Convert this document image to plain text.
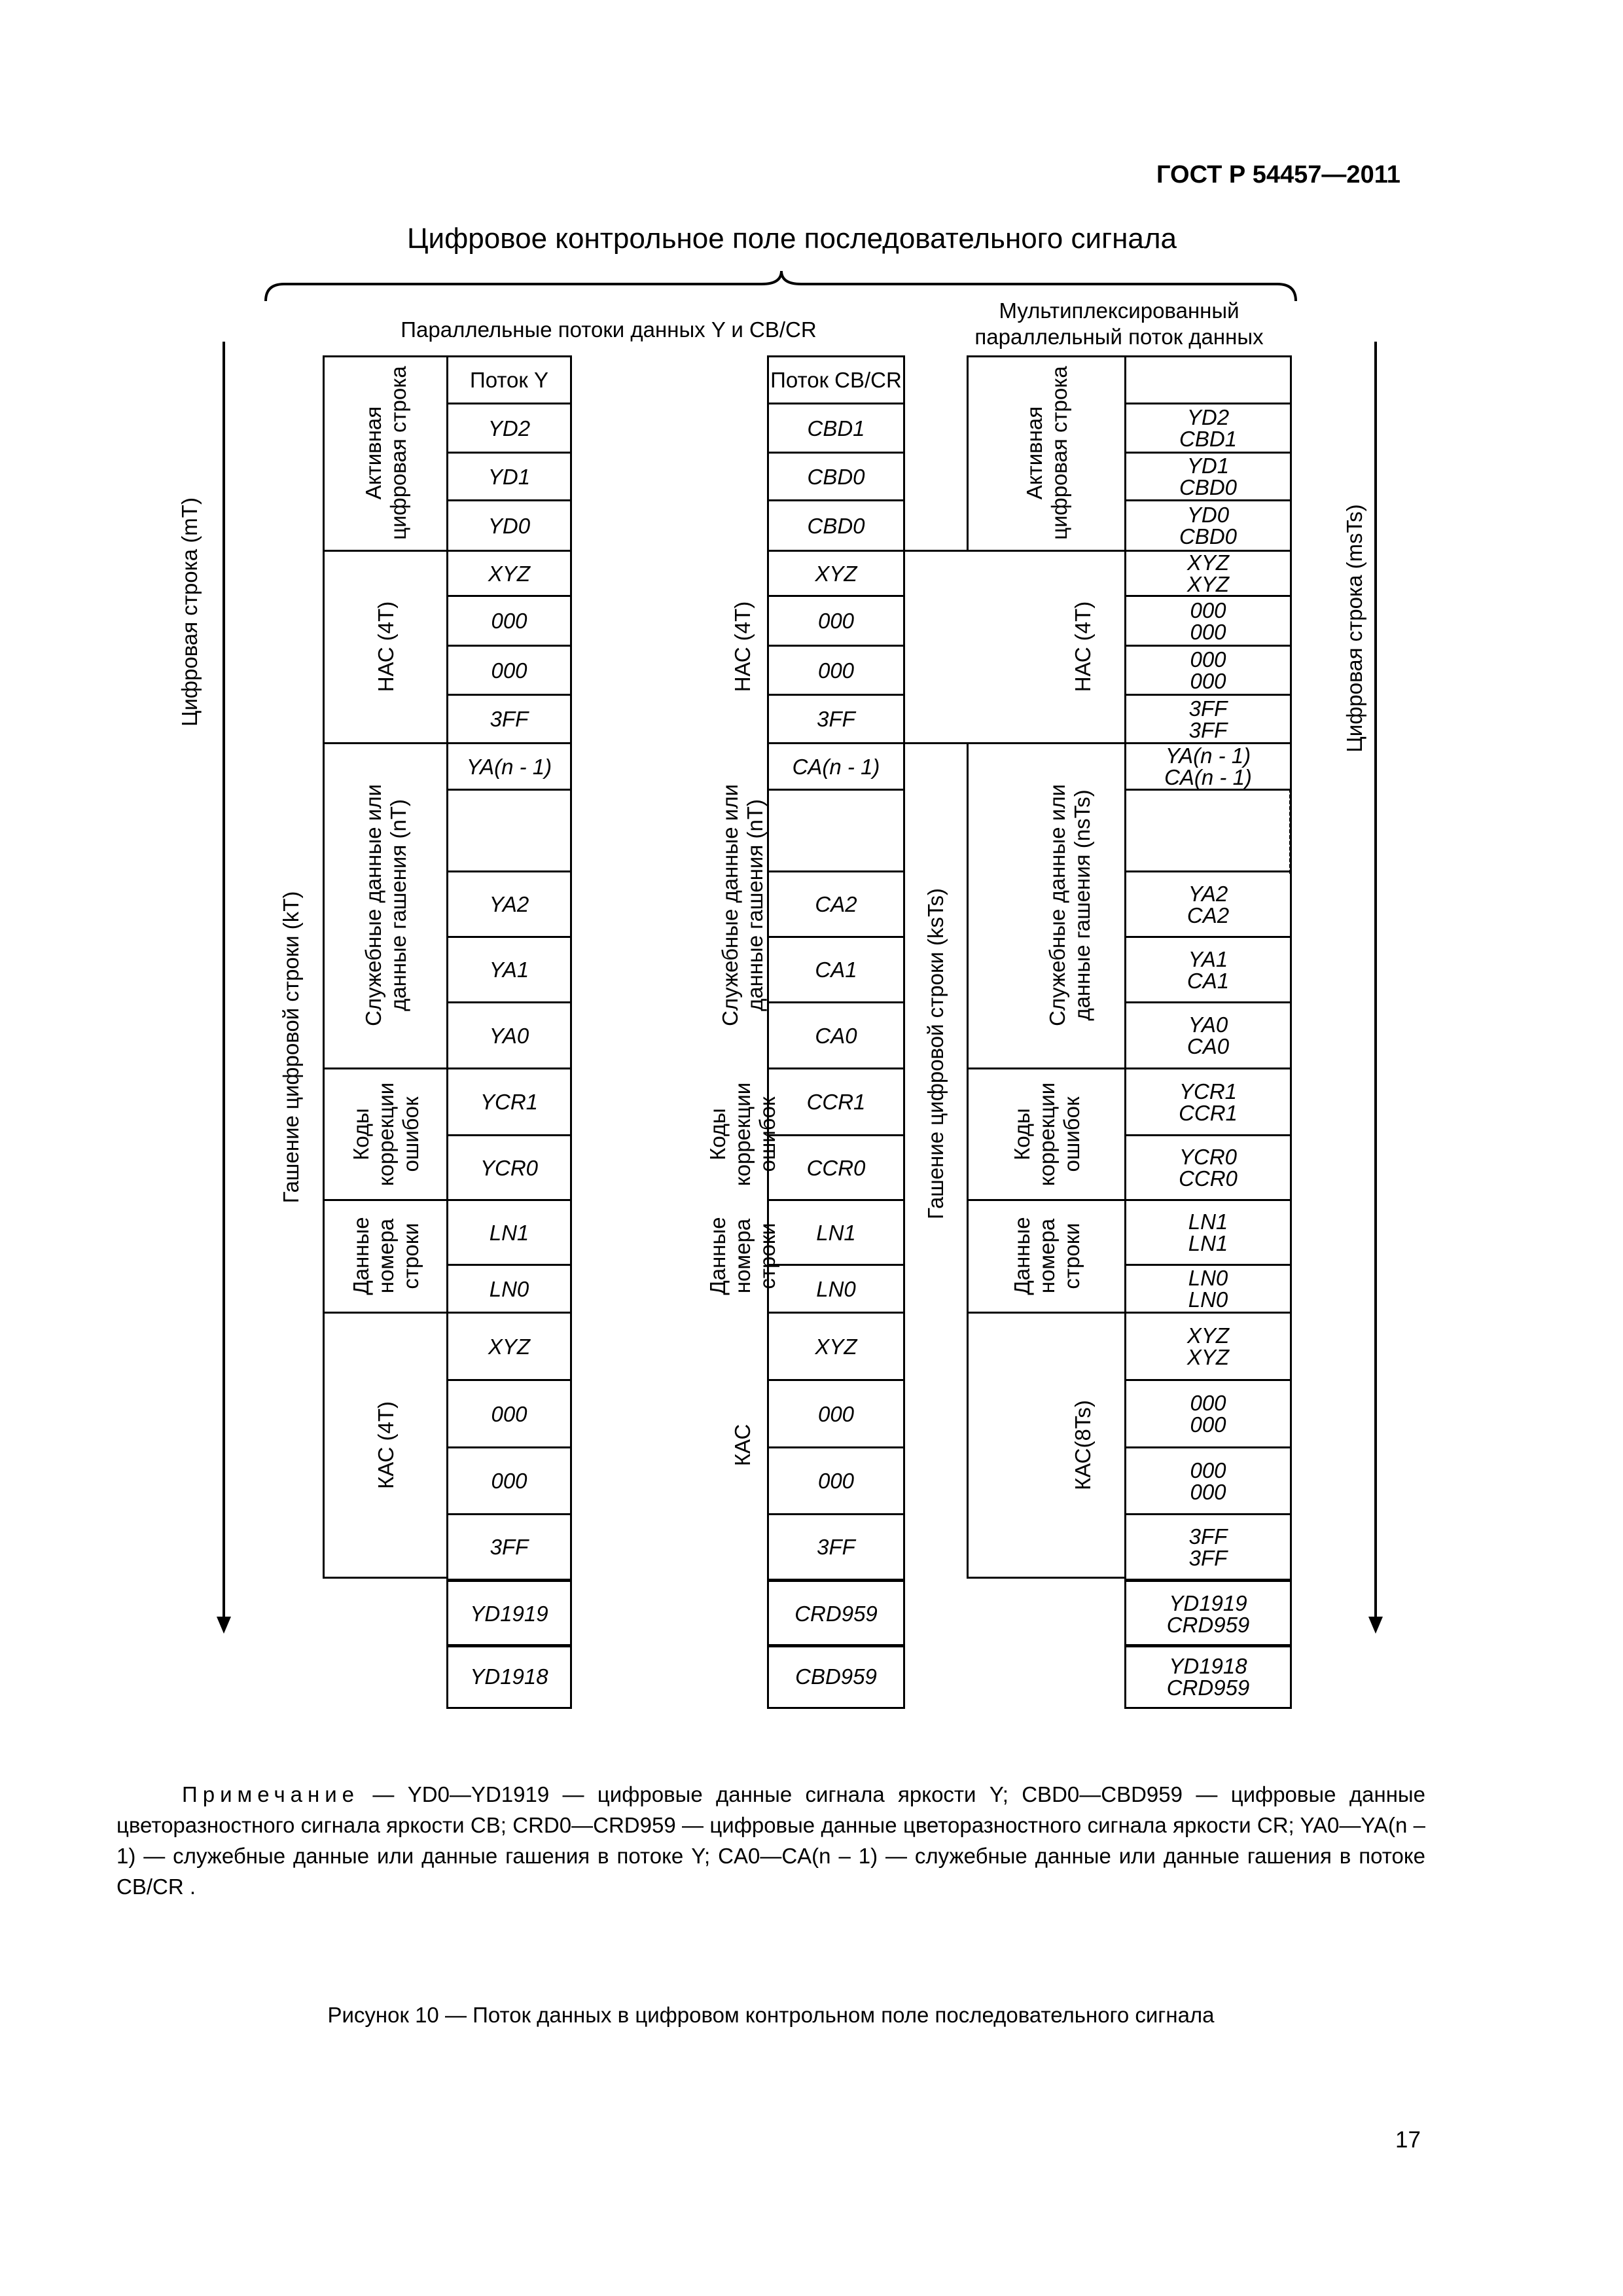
ГОСТ Р 54457—2011
Цифровое контрольное поле последовательного сигнала
Параллельные потоки данных Y и CB/CR
Мультиплексированный
параллельный поток данных
Цифровая строка (mT)	Цифровая строка (msTs)
Гашение цифровой строки (kT)	Гашение цифровой строки (ksTs)
Активная цифровая строка
НАС (4T)
Служебные данные или данные гашения (nT)
Коды коррекции ошибок
Данные номера строки
КАС (4T)
НАС (4T)
Служебные данные или данные гашения (nT)
Коды коррекции ошибок
Данные номера строки
КАС
Активная цифровая строка
НАС (4T)
Служебные данные или данные гашения (nsTs)
Коды коррекции ошибок
Данные номера строки
КАС(8Ts)
Поток Y
YD2
YD1
YD0
XYZ
000
000
3FF
YA(n - 1)
YA2
YA1
YA0
YCR1
YCR0
LN1
LN0
XYZ
000
000
3FF
YD1919
YD1918
Поток CB/CR
CBD1
CBD0
CBD0
XYZ
000
000
3FF
CA(n - 1)
CA2
CA1
CA0
CCR1
CCR0
LN1
LN0
XYZ
000
000
3FF
CRD959
CBD959
YD2
CBD1
YD1
CBD0
YD0
CBD0
XYZ
XYZ
000
000
000
000
3FF
3FF
YA(n - 1)
CA(n - 1)
YA2
CA2
YA1
CA1
YA0
CA0
YCR1
CCR1
YCR0
CCR0
LN1
LN1
LN0
LN0
XYZ
XYZ
000
000
000
000
3FF
3FF
YD1919
CRD959
YD1918
CRD959
Примечание — YD0—YD1919 — цифровые данные сигнала яркости Y; CBD0—CBD959 — цифровые данные цветоразностного сигнала яркости CB; CRD0—CRD959 — цифровые данные цветоразностного сигнала яркости CR; YA0—YA(n – 1) — служебные данные или данные гашения в потоке Y; CA0—CA(n – 1) — служебные данные или данные гашения в потоке CB/CR .
Рисунок 10 — Поток данных в цифровом контрольном поле последовательного сигнала
17
